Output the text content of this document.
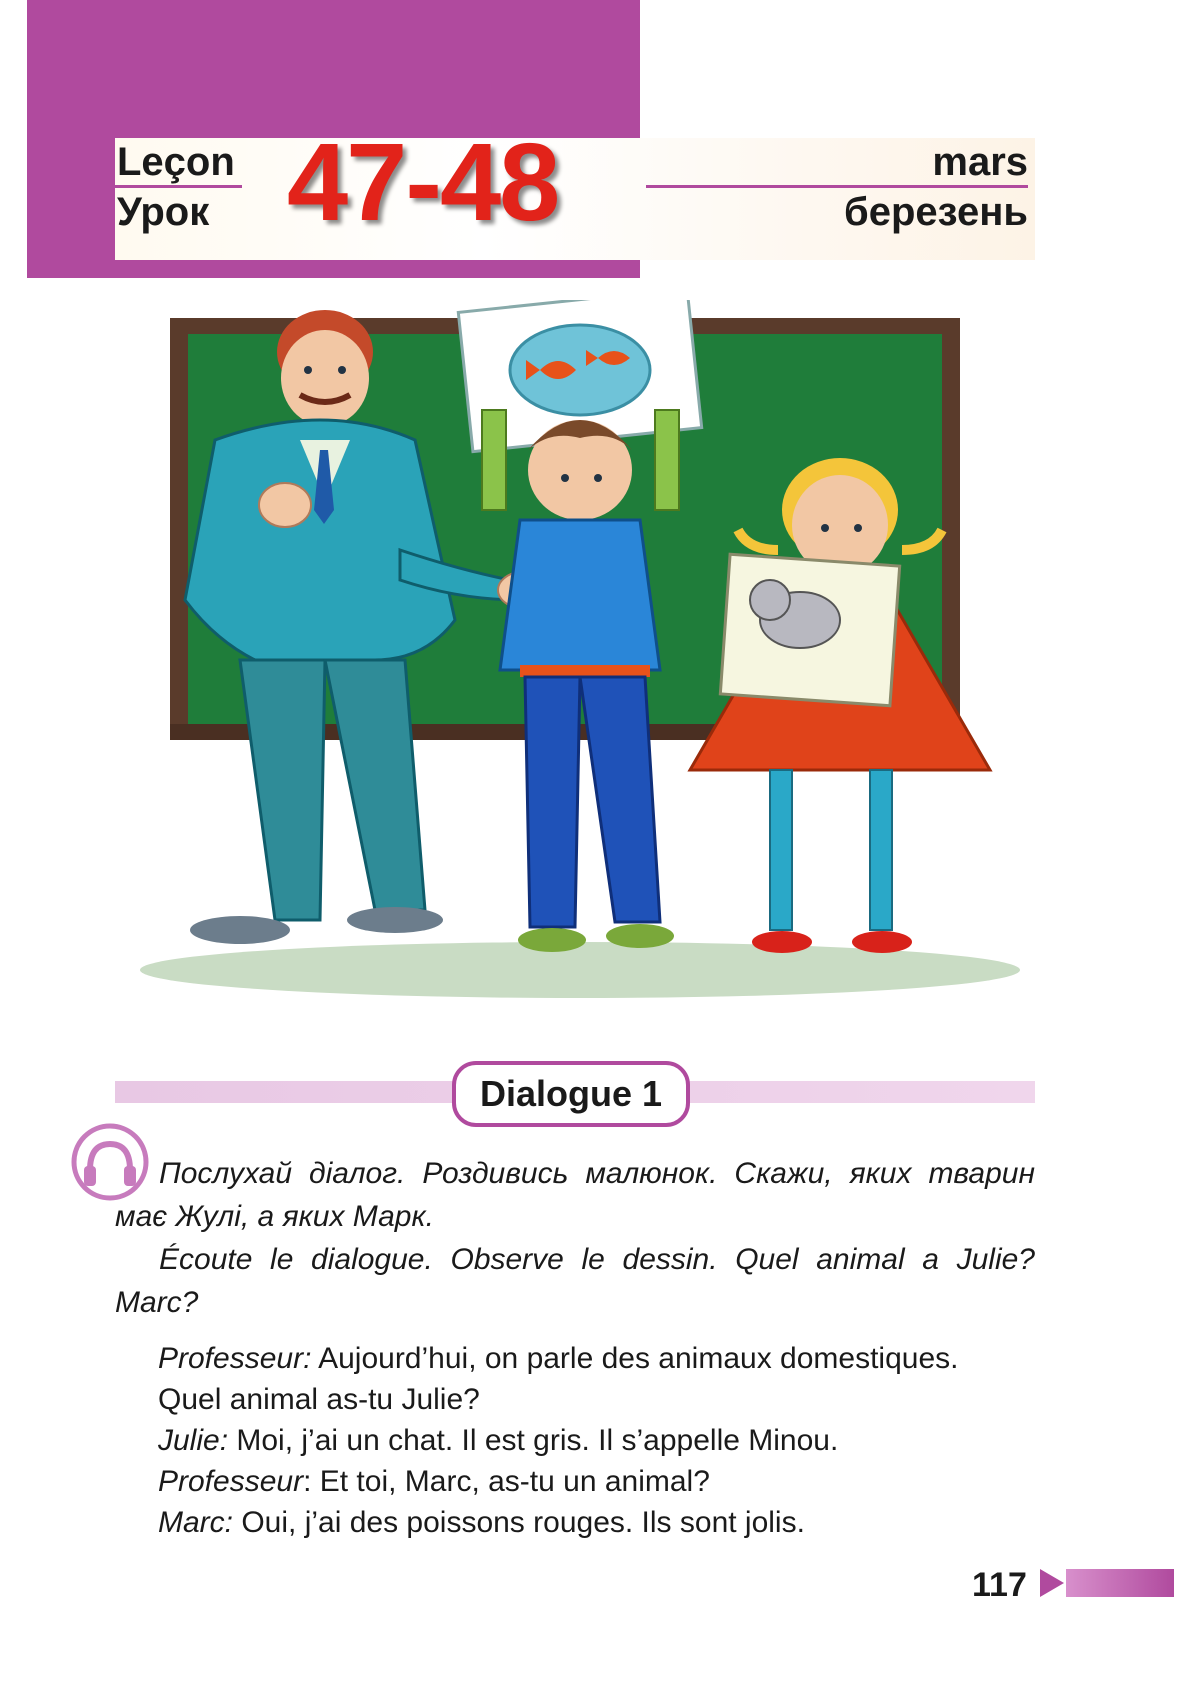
Leçon
Урок 47-48	mars
березень
Dialogue 1

Послухай діалог. Роздивись малюнок. Скажи, яких тварин має Жулі, а яких Марк.

Écoute le dialogue. Observe le dessin. Quel animal a Julie? Marc?

Professeur: Aujourd’hui, on parle des animaux domestiques.
Quel animal as-tu Julie?
Julie: Moi, j’ai un chat. Il est gris. Il s’appelle Minou.
Professeur: Et toi, Marc, as-tu un animal?
Marc: Oui, j’ai des poissons rouges. Ils sont jolis.
117
